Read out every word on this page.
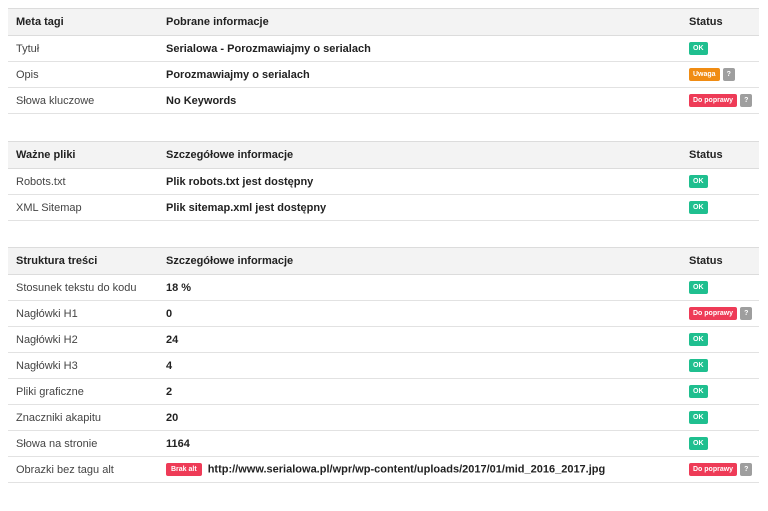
Meta tagi	Pobrane informacje	Status
Tytuł	Serialowa - Porozmawiajmy o serialach	OK
Opis	Porozmawiajmy o serialach	Uwaga ?
Słowa kluczowe	No Keywords	Do poprawy ?
Ważne pliki	Szczegółowe informacje	Status
Robots.txt	Plik robots.txt jest dostępny	OK
XML Sitemap	Plik sitemap.xml jest dostępny	OK
Struktura treści	Szczegółowe informacje	Status
Stosunek tekstu do kodu	18 %	OK
Nagłówki H1	0	Do poprawy ?
Nagłówki H2	24	OK
Nagłówki H3	4	OK
Pliki graficzne	2	OK
Znaczniki akapitu	20	OK
Słowa na stronie	1164	OK
Obrazki bez tagu alt	Brak alt http://www.serialowa.pl/wpr/wp-content/uploads/2017/01/mid_2016_2017.jpg	Do poprawy ?
